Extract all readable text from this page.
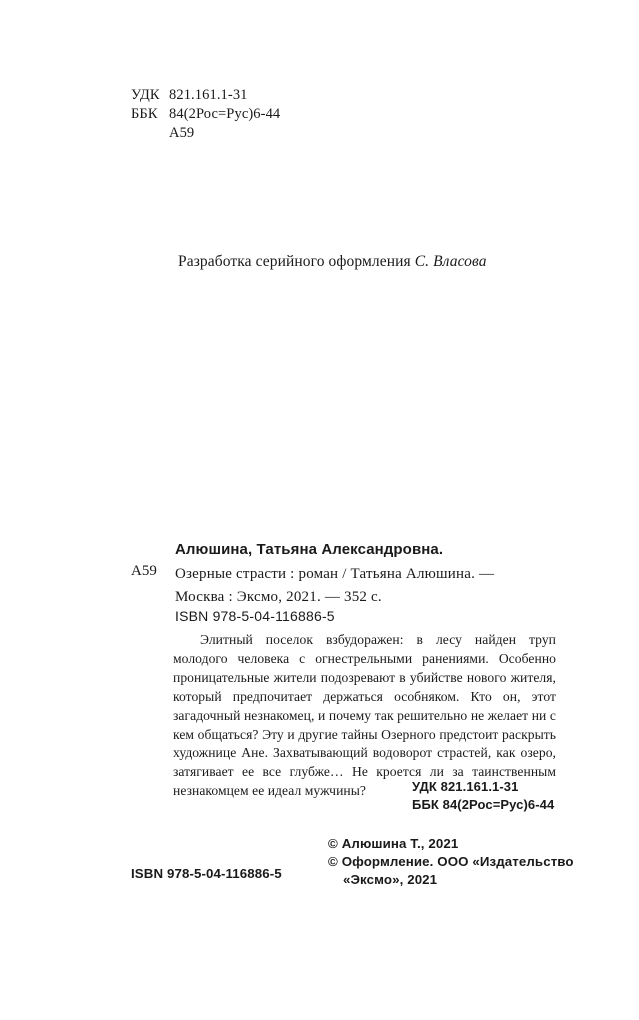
УДК 821.161.1-31
ББК 84(2Рос=Рус)6-44
А59
Разработка серийного оформления С. Власова
Алюшина, Татьяна Александровна.
А59 Озерные страсти : роман / Татьяна Алюшина. —
Москва : Эксмо, 2021. — 352 с.
ISBN 978-5-04-116886-5
Элитный поселок взбудоражен: в лесу найден труп молодого человека с огнестрельными ранениями. Особенно проницательные жители подозревают в убийстве нового жителя, который предпочитает держаться особняком. Кто он, этот загадочный незнакомец, и почему так решительно не желает ни с кем общаться? Эту и другие тайны Озерного предстоит раскрыть художнице Ане. Захватывающий водоворот страстей, как озеро, затягивает ее все глубже… Не кроется ли за таинственным незнакомцем ее идеал мужчины?	УДК 821.161.1-31
ББК 84(2Рос=Рус)6-44
© Алюшина Т., 2021
© Оформление. ООО «Издательство
«Эксмо», 2021
ISBN 978-5-04-116886-5
